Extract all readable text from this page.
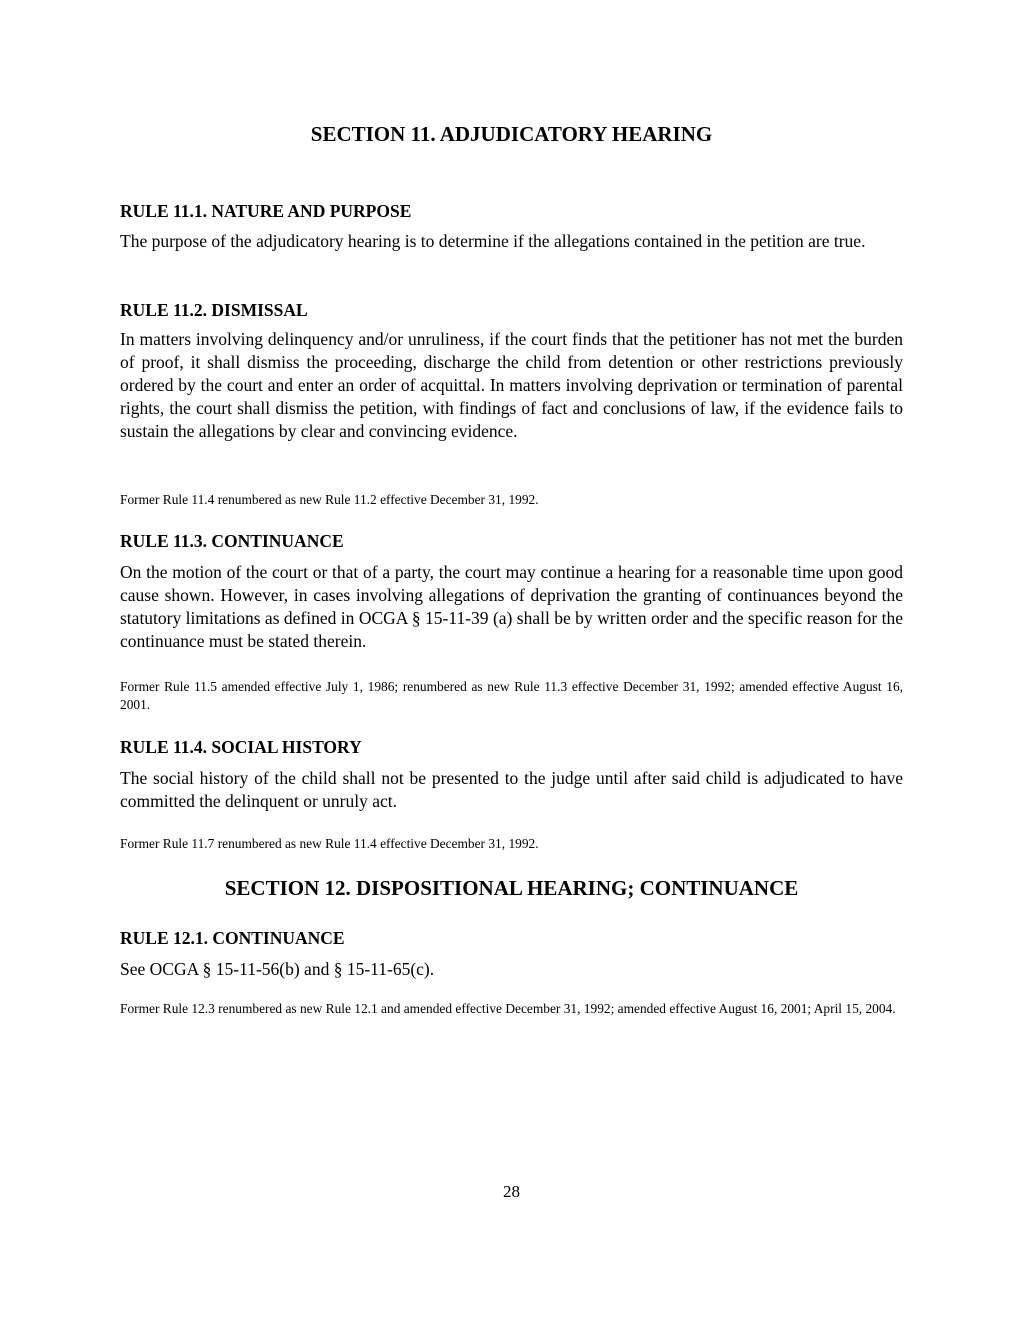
SECTION 11. ADJUDICATORY HEARING
RULE 11.1. NATURE AND PURPOSE

The purpose of the adjudicatory hearing is to determine if the allegations contained in the petition are true.

RULE 11.2. DISMISSAL

In matters involving delinquency and/or unruliness, if the court finds that the petitioner has not met the burden of proof, it shall dismiss the proceeding, discharge the child from detention or other restrictions previously ordered by the court and enter an order of acquittal. In matters involving deprivation or termination of parental rights, the court shall dismiss the petition, with findings of fact and conclusions of law, if the evidence fails to sustain the allegations by clear and convincing evidence.

Former Rule 11.4 renumbered as new Rule 11.2 effective December 31, 1992.

RULE 11.3. CONTINUANCE

On the motion of the court or that of a party, the court may continue a hearing for a reasonable time upon good cause shown. However, in cases involving allegations of deprivation the granting of continuances beyond the statutory limitations as defined in OCGA § 15-11-39 (a) shall be by written order and the specific reason for the continuance must be stated therein.

Former Rule 11.5 amended effective July 1, 1986; renumbered as new Rule 11.3 effective December 31, 1992; amended effective August 16, 2001.

RULE 11.4. SOCIAL HISTORY

The social history of the child shall not be presented to the judge until after said child is adjudicated to have committed the delinquent or unruly act.

Former Rule 11.7 renumbered as new Rule 11.4 effective December 31, 1992.

SECTION 12. DISPOSITIONAL HEARING; CONTINUANCE
RULE 12.1. CONTINUANCE

See OCGA § 15-11-56(b) and § 15-11-65(c).

Former Rule 12.3 renumbered as new Rule 12.1 and amended effective December 31, 1992; amended effective August 16, 2001; April 15, 2004.

28
